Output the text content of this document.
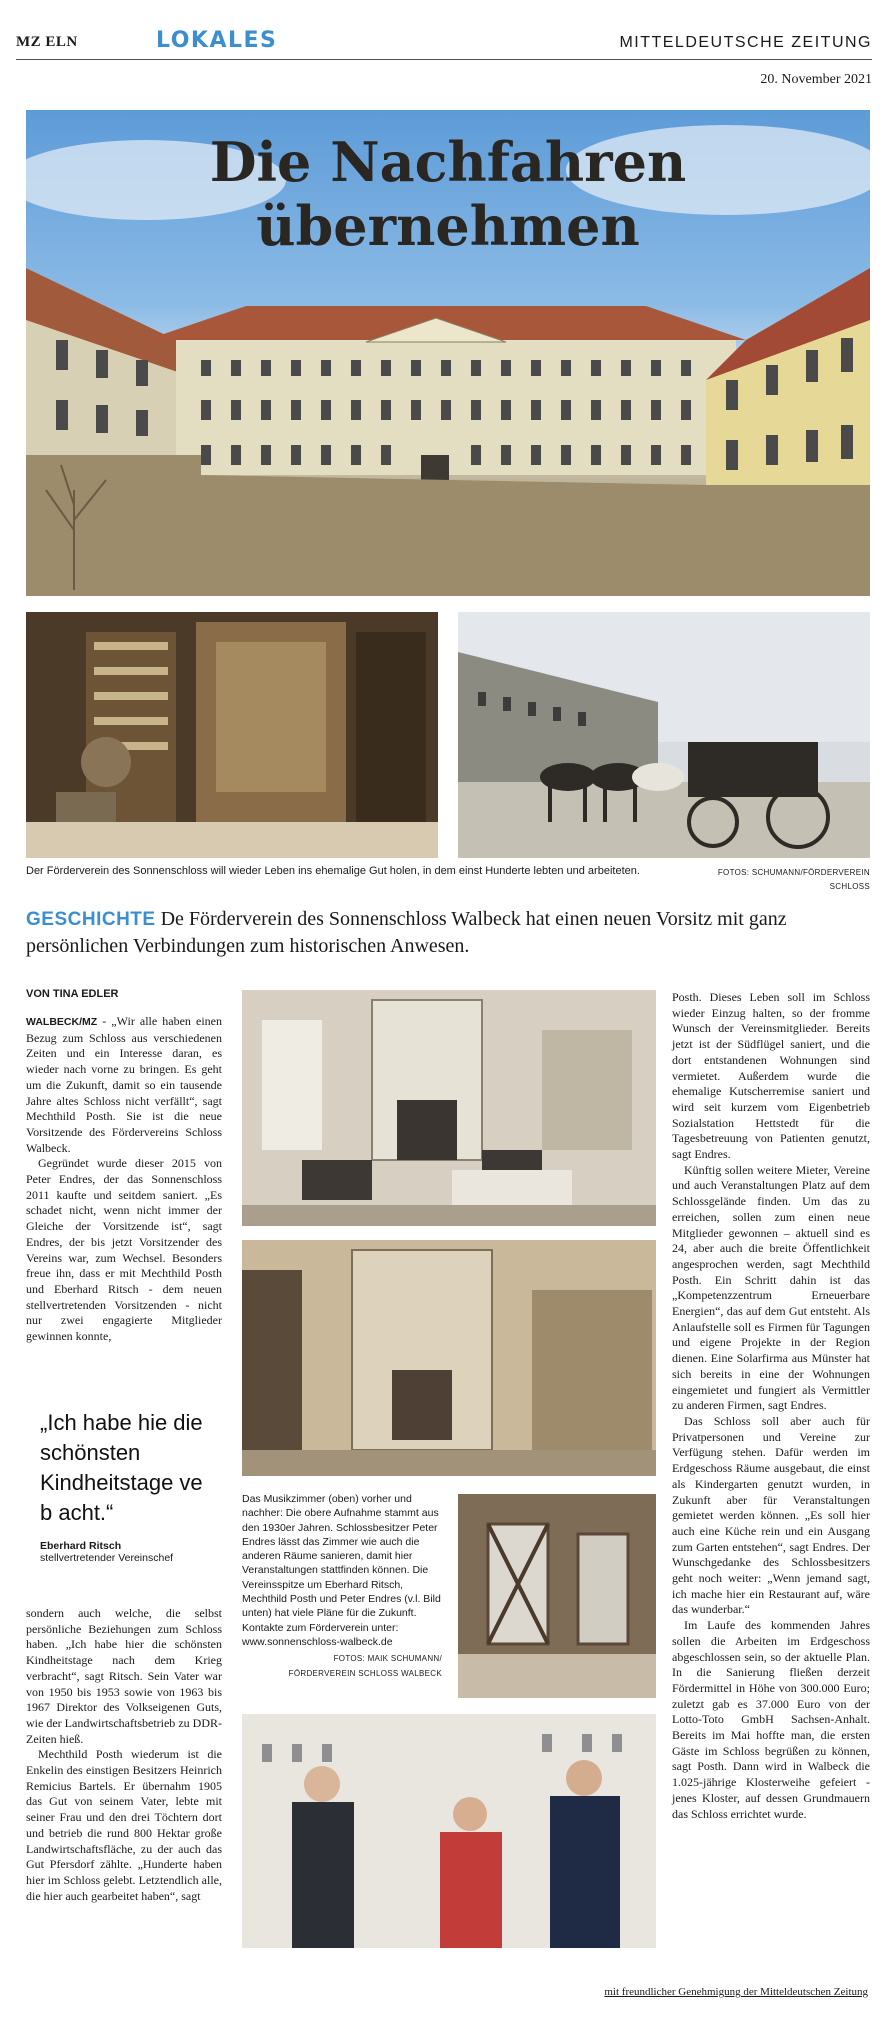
MZ ELN	LOKALES	MITTELDEUTSCHE ZEITUNG
20. November 2021
Die Nachfahren
übernehmen
Der Förderverein des Sonnenschloss will wieder Leben ins ehemalige Gut holen, in dem einst Hunderte lebten und arbeiteten.	FOTOS: SCHUMANN/FÖRDERVEREIN SCHLOSS
GESCHICHTE De Förderverein des Sonnenschloss Walbeck hat einen neuen Vorsitz mit ganz persönlichen Verbindungen zum historischen Anwesen.
VON TINA EDLER

WALBECK/MZ - „Wir alle haben einen Bezug zum Schloss aus verschiedenen Zeiten und ein Interesse daran, es wieder nach vorne zu bringen. Es geht um die Zukunft, damit so ein tausende Jahre altes Schloss nicht verfällt“, sagt Mechthild Posth. Sie ist die neue Vorsitzende des Fördervereins Schloss Walbeck.

Gegründet wurde dieser 2015 von Peter Endres, der das Sonnenschloss 2011 kaufte und seitdem saniert. „Es schadet nicht, wenn nicht immer der Gleiche der Vorsitzende ist“, sagt Endres, der bis jetzt Vorsitzender des Vereins war, zum Wechsel. Besonders freue ihn, dass er mit Mechthild Posth und Eberhard Ritsch - dem neuen stellvertretenden Vorsitzenden - nicht nur zwei engagierte Mitglieder gewinnen konnte,

„Ich habe hie die schönsten Kindheitstage ve b acht.“
Eberhard Ritsch
stellvertretender Vereinschef

sondern auch welche, die selbst persönliche Beziehungen zum Schloss haben. „Ich habe hier die schönsten Kindheitstage nach dem Krieg verbracht“, sagt Ritsch. Sein Vater war von 1950 bis 1953 sowie von 1963 bis 1967 Direktor des Volkseigenen Guts, wie der Landwirtschaftsbetrieb zu DDR-Zeiten hieß.

Mechthild Posth wiederum ist die Enkelin des einstigen Besitzers Heinrich Remicius Bartels. Er übernahm 1905 das Gut von seinem Vater, lebte mit seiner Frau und den drei Töchtern dort und betrieb die rund 800 Hektar große Landwirtschaftsfläche, zu der auch das Gut Pfersdorf zählte. „Hunderte haben hier im Schloss gelebt. Letztendlich alle, die hier auch gearbeitet haben“, sagt

Das Musikzimmer (oben) vorher und nachher: Die obere Aufnahme stammt aus den 1930er Jahren. Schlossbesitzer Peter Endres lässt das Zimmer wie auch die anderen Räume sanieren, damit hier Veranstaltungen stattfinden können. Die Vereinsspitze um Eberhard Ritsch, Mechthild Posth und Peter Endres (v.l. Bild unten) hat viele Pläne für die Zukunft. Kontakte zum Förderverein unter: www.sonnenschloss-walbeck.de
FOTOS: MAIK SCHUMANN/
FÖRDERVEREIN SCHLOSS WALBECK

Posth. Dieses Leben soll im Schloss wieder Einzug halten, so der fromme Wunsch der Vereinsmitglieder. Bereits jetzt ist der Südflügel saniert, und die dort entstandenen Wohnungen sind vermietet. Außerdem wurde die ehemalige Kutscherremise saniert und wird seit kurzem vom Eigenbetrieb Sozialstation Hettstedt für die Tagesbetreuung von Patienten genutzt, sagt Endres.

Künftig sollen weitere Mieter, Vereine und auch Veranstaltungen Platz auf dem Schlossgelände finden. Um das zu erreichen, sollen zum einen neue Mitglieder gewonnen – aktuell sind es 24, aber auch die breite Öffentlichkeit angesprochen werden, sagt Mechthild Posth. Ein Schritt dahin ist das „Kompetenzzentrum Erneuerbare Energien“, das auf dem Gut entsteht. Als Anlaufstelle soll es Firmen für Tagungen und eigene Projekte in der Region dienen. Eine Solarfirma aus Münster hat sich bereits in eine der Wohnungen eingemietet und fungiert als Vermittler zu anderen Firmen, sagt Endres.

Das Schloss soll aber auch für Privatpersonen und Vereine zur Verfügung stehen. Dafür werden im Erdgeschoss Räume ausgebaut, die einst als Kindergarten genutzt wurden, in Zukunft aber für Veranstaltungen gemietet werden können. „Es soll hier auch eine Küche rein und ein Ausgang zum Garten entstehen“, sagt Endres. Der Wunschgedanke des Schlossbesitzers geht noch weiter: „Wenn jemand sagt, ich mache hier ein Restaurant auf, wäre das wunderbar.“

Im Laufe des kommenden Jahres sollen die Arbeiten im Erdgeschoss abgeschlossen sein, so der aktuelle Plan. In die Sanierung fließen derzeit Fördermittel in Höhe von 300.000 Euro; zuletzt gab es 37.000 Euro von der Lotto-Toto GmbH Sachsen-Anhalt. Bereits im Mai hoffte man, die ersten Gäste im Schloss begrüßen zu können, sagt Posth. Dann wird in Walbeck die 1.025-jährige Klosterweihe gefeiert - jenes Kloster, auf dessen Grundmauern das Schloss errichtet wurde.

mit freundlicher Genehmigung der Mitteldeutschen Zeitung
